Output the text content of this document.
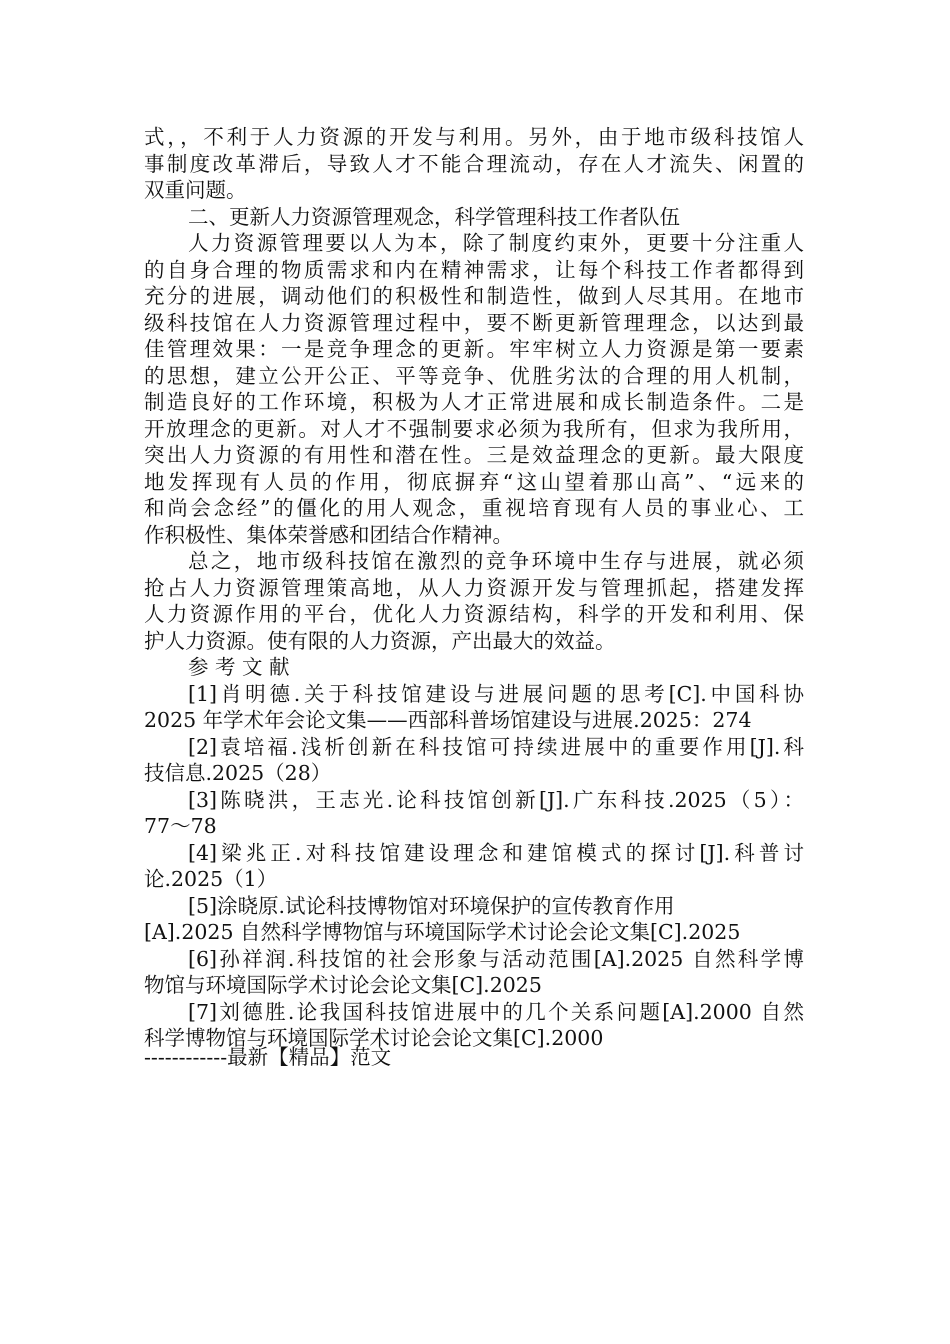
式，，不利于人力资源的开发与利用。另外，由于地市级科技馆人
事制度改革滞后，导致人才不能合理流动，存在人才流失、闲置的
双重问题。
二、更新人力资源管理观念，科学管理科技工作者队伍
人力资源管理要以人为本，除了制度约束外，更要十分注重人
的自身合理的物质需求和内在精神需求，让每个科技工作者都得到
充分的进展，调动他们的积极性和制造性，做到人尽其用。在地市
级科技馆在人力资源管理过程中，要不断更新管理理念，以达到最
佳管理效果：一是竞争理念的更新。牢牢树立人力资源是第一要素
的思想，建立公开公正、平等竞争、优胜劣汰的合理的用人机制，
制造良好的工作环境，积极为人才正常进展和成长制造条件。二是
开放理念的更新。对人才不强制要求必须为我所有，但求为我所用，
突出人力资源的有用性和潜在性。三是效益理念的更新。最大限度
地发挥现有人员的作用，彻底摒弃“这山望着那山高”、“远来的
和尚会念经”的僵化的用人观念，重视培育现有人员的事业心、工
作积极性、集体荣誉感和团结合作精神。
总之，地市级科技馆在激烈的竞争环境中生存与进展，就必须
抢占人力资源管理策高地，从人力资源开发与管理抓起，搭建发挥
人力资源作用的平台，优化人力资源结构，科学的开发和利用、保
护人力资源。使有限的人力资源，产出最大的效益。
参 考 文 献
[1]肖明德.关于科技馆建设与进展问题的思考[C].中国科协
2025 年学术年会论文集——西部科普场馆建设与进展.2025：274
[2]袁培福.浅析创新在科技馆可持续进展中的重要作用[J].科
技信息.2025（28）
[3]陈晓洪，王志光.论科技馆创新[J].广东科技.2025（5）：
77～78
[4]梁兆正.对科技馆建设理念和建馆模式的探讨[J].科普讨
论.2025（1）
[5]涂晓原.试论科技博物馆对环境保护的宣传教育作用
[A].2025 自然科学博物馆与环境国际学术讨论会论文集[C].2025
[6]孙祥润.科技馆的社会形象与活动范围[A].2025 自然科学博
物馆与环境国际学术讨论会论文集[C].2025
[7]刘德胜.论我国科技馆进展中的几个关系问题[A].2000 自然
科学博物馆与环境国际学术讨论会论文集[C].2000
------------最新【精品】范文
